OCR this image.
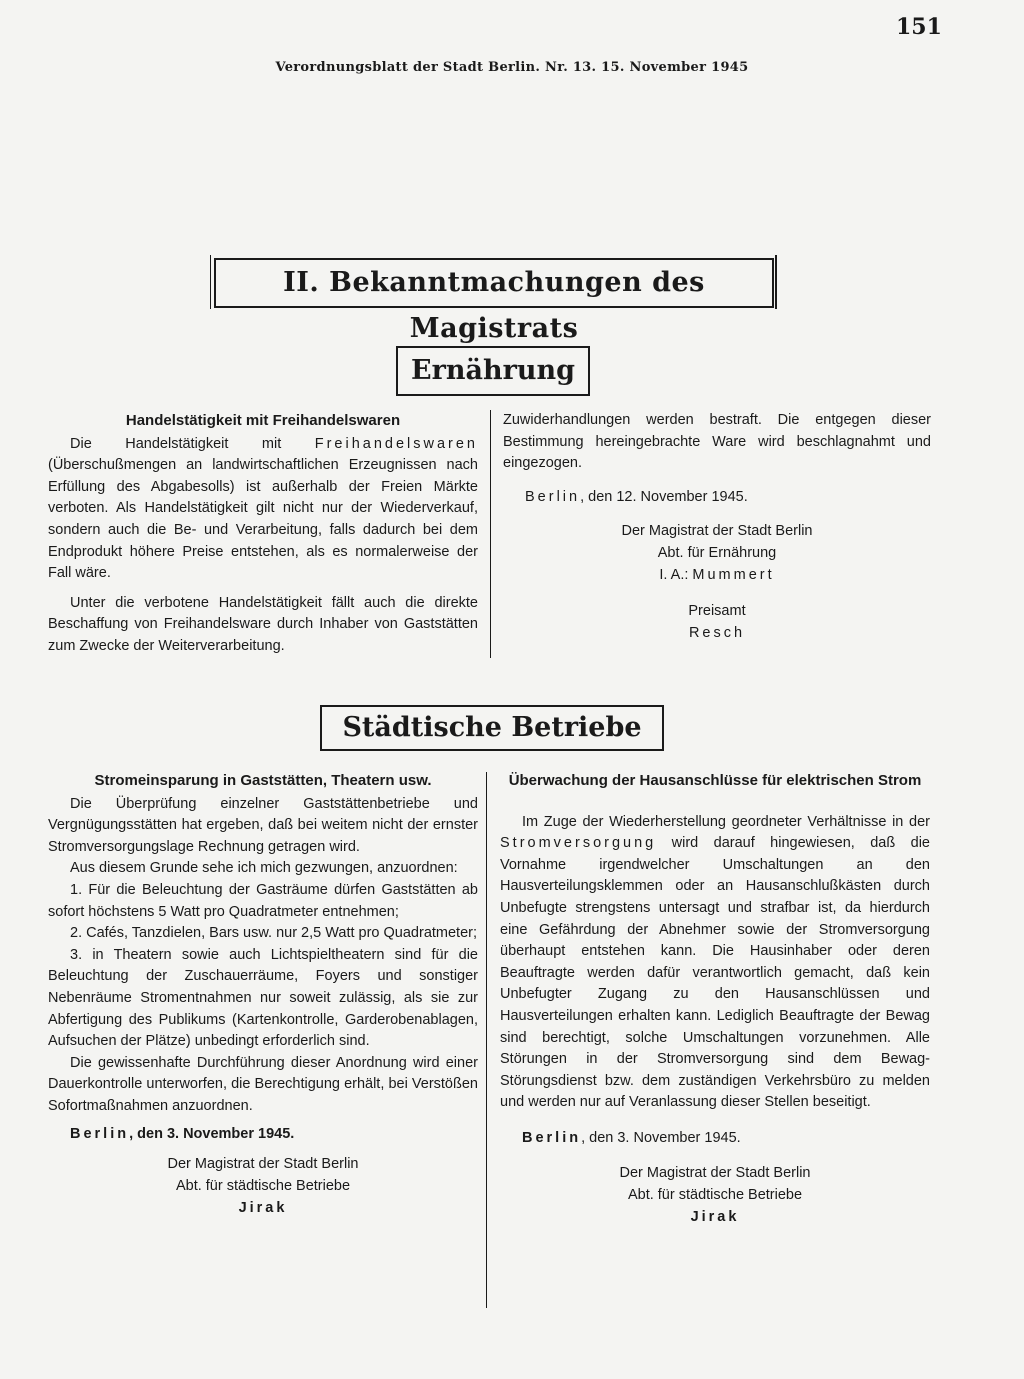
151
Verordnungsblatt der Stadt Berlin. Nr. 13. 15. November 1945
II. Bekanntmachungen des Magistrats
Ernährung

Handelstätigkeit mit Freihandelswaren

Die Handelstätigkeit mit Freihandelswaren (Überschußmengen an landwirtschaftlichen Erzeugnissen nach Erfüllung des Abgabesolls) ist außerhalb der Freien Märkte verboten. Als Handelstätigkeit gilt nicht nur der Wiederverkauf, sondern auch die Be- und Verarbeitung, falls dadurch bei dem Endprodukt höhere Preise entstehen, als es normalerweise der Fall wäre.

Unter die verbotene Handelstätigkeit fällt auch die direkte Beschaffung von Freihandelsware durch Inhaber von Gaststätten zum Zwecke der Weiterverarbeitung.

Zuwiderhandlungen werden bestraft. Die entgegen dieser Bestimmung hereingebrachte Ware wird beschlagnahmt und eingezogen.

Berlin, den 12. November 1945.

Der Magistrat der Stadt Berlin

Abt. für Ernährung

I. A.: Mummert

Preisamt

Resch

Städtische Betriebe

Stromeinsparung in Gaststätten, Theatern usw.

Die Überprüfung einzelner Gaststättenbetriebe und Vergnügungsstätten hat ergeben, daß bei weitem nicht der ernster Stromversorgungslage Rechnung getragen wird.

Aus diesem Grunde sehe ich mich gezwungen, anzuordnen:

1. Für die Beleuchtung der Gasträume dürfen Gaststätten ab sofort höchstens 5 Watt pro Quadratmeter entnehmen;

2. Cafés, Tanzdielen, Bars usw. nur 2,5 Watt pro Quadratmeter;

3. in Theatern sowie auch Lichtspieltheatern sind für die Beleuchtung der Zuschauerräume, Foyers und sonstiger Nebenräume Stromentnahmen nur soweit zulässig, als sie zur Abfertigung des Publikums (Kartenkontrolle, Garderobenablagen, Aufsuchen der Plätze) unbedingt erforderlich sind.

Die gewissenhafte Durchführung dieser Anordnung wird einer Dauerkontrolle unterworfen, die Berechtigung erhält, bei Verstößen Sofortmaßnahmen anzuordnen.

Berlin, den 3. November 1945.

Der Magistrat der Stadt Berlin

Abt. für städtische Betriebe

Jirak

Überwachung der Hausanschlüsse für elektrischen Strom

Im Zuge der Wiederherstellung geordneter Verhältnisse in der Stromversorgung wird darauf hingewiesen, daß die Vornahme irgendwelcher Umschaltungen an den Hausverteilungsklemmen oder an Hausanschlußkästen durch Unbefugte strengstens untersagt und strafbar ist, da hierdurch eine Gefährdung der Abnehmer sowie der Stromversorgung überhaupt entstehen kann. Die Hausinhaber oder deren Beauftragte werden dafür verantwortlich gemacht, daß kein Unbefugter Zugang zu den Hausanschlüssen und Hausverteilungen erhalten kann. Lediglich Beauftragte der Bewag sind berechtigt, solche Umschaltungen vorzunehmen. Alle Störungen in der Stromversorgung sind dem Bewag-Störungsdienst bzw. dem zuständigen Verkehrsbüro zu melden und werden nur auf Veranlassung dieser Stellen beseitigt.

Berlin, den 3. November 1945.

Der Magistrat der Stadt Berlin

Abt. für städtische Betriebe

Jirak
